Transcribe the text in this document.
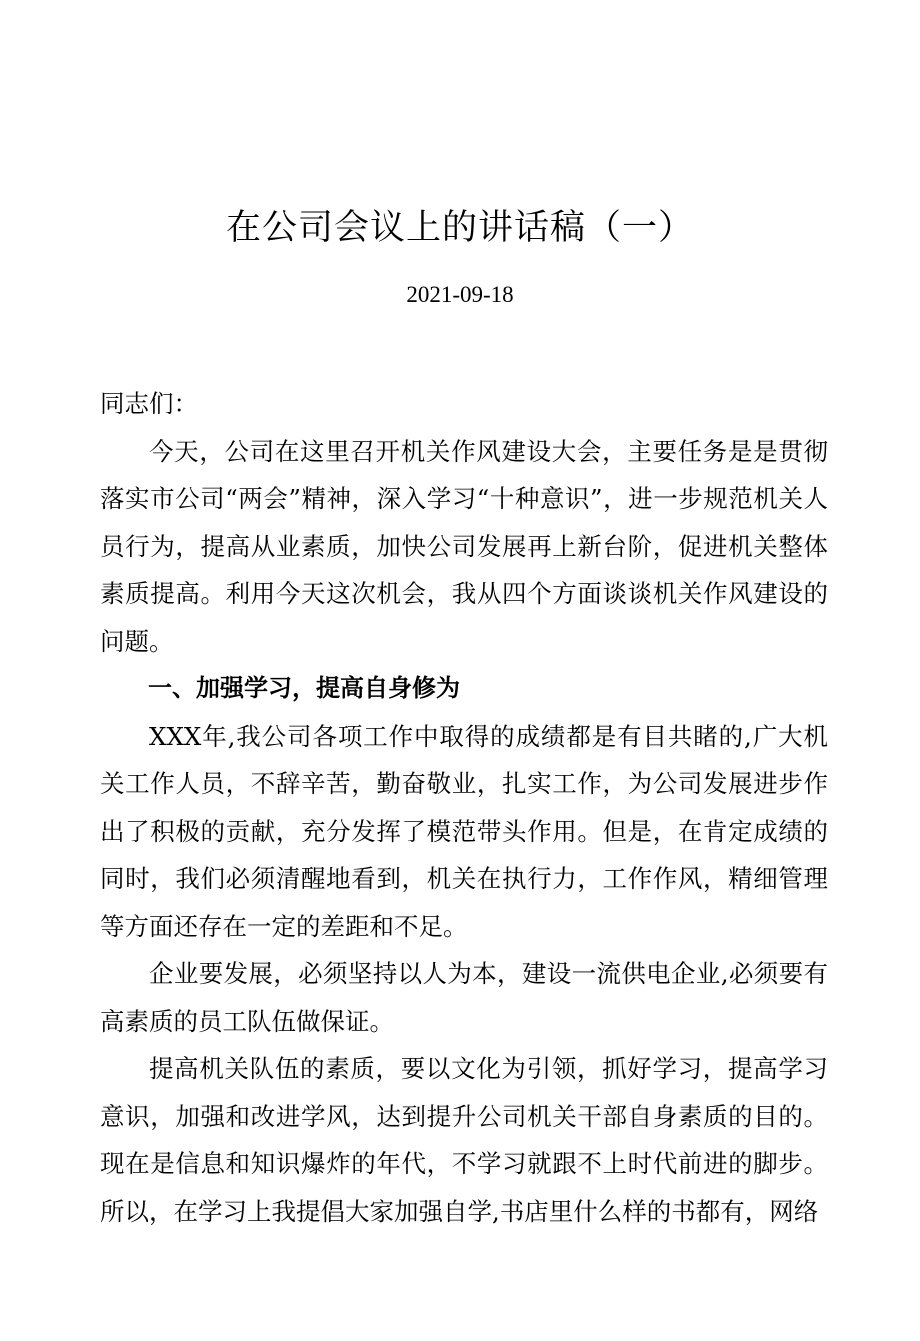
在公司会议上的讲话稿（一）
2021-09-18

同志们：

今天，公司在这里召开机关作风建设大会，主要任务是是贯彻落实市公司“两会”精神，深入学习“十种意识”，进一步规范机关人员行为，提高从业素质，加快公司发展再上新台阶，促进机关整体素质提高。利用今天这次机会，我从四个方面谈谈机关作风建设的问题。

一、加强学习，提高自身修为

XXX年,我公司各项工作中取得的成绩都是有目共睹的,广大机关工作人员，不辞辛苦，勤奋敬业，扎实工作，为公司发展进步作出了积极的贡献，充分发挥了模范带头作用。但是，在肯定成绩的同时，我们必须清醒地看到，机关在执行力，工作作风，精细管理等方面还存在一定的差距和不足。

企业要发展，必须坚持以人为本，建设一流供电企业,必须要有高素质的员工队伍做保证。

提高机关队伍的素质，要以文化为引领，抓好学习，提高学习意识，加强和改进学风，达到提升公司机关干部自身素质的目的。现在是信息和知识爆炸的年代，不学习就跟不上时代前进的脚步。所以，在学习上我提倡大家加强自学,书店里什么样的书都有，网络
